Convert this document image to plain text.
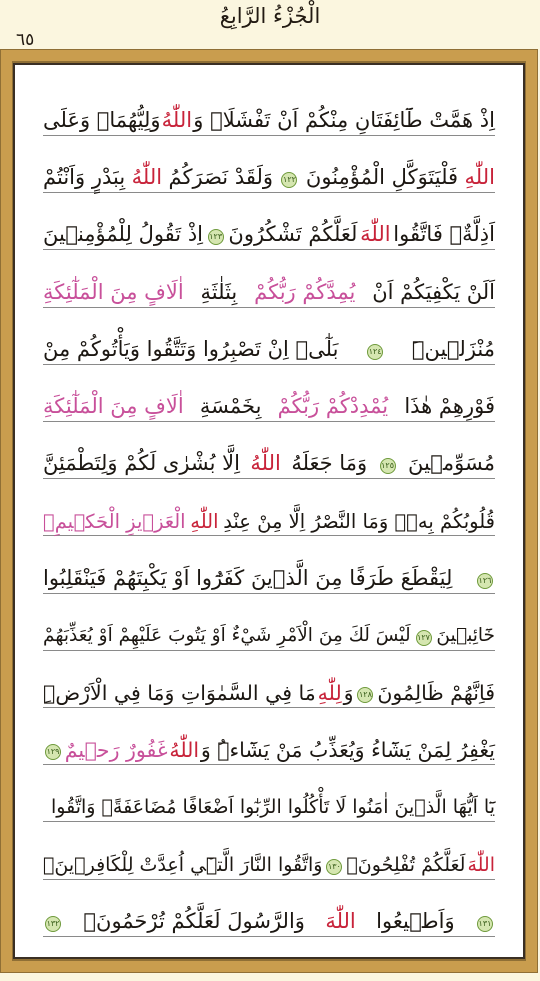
الْجُزْءُ الرَّابِعُ
٦٥
اِذْ هَمَّتْ طَٓائِفَتَانِ مِنْكُمْ اَنْ تَفْشَلَاۙ وَ
اللّٰهُ
وَلِيُّهُمَاۜ وَعَلَى
اللّٰهِ
فَلْيَتَوَكَّلِ الْمُؤْمِنُونَ
١٢٢
وَلَقَدْ نَصَرَكُمُ
اللّٰهُ
بِبَدْرٍ وَاَنْتُمْ
اَذِلَّةٌۚ فَاتَّقُوا
اللّٰهَ
لَعَلَّكُمْ تَشْكُرُونَ
١٢٣
اِذْ تَقُولُ لِلْمُؤْمِن۪ينَ
اَلَنْ يَكْفِيَكُمْ اَنْ
يُمِدَّكُمْ رَبُّكُمْ
بِثَلٰثَةِ
اٰلَافٍ مِنَ الْمَلٰٓئِكَةِ
مُنْزَل۪ينَۜ
١٢٤
بَلٰٓىۙ اِنْ تَصْبِرُوا وَتَتَّقُوا وَيَأْتُوكُمْ مِنْ
فَوْرِهِمْ هٰذَا
يُمْدِدْكُمْ رَبُّكُمْ
بِخَمْسَةِ
اٰلَافٍ مِنَ الْمَلٰٓئِكَةِ
مُسَوِّم۪ينَ
١٢٥
وَمَا جَعَلَهُ
اللّٰهُ
اِلَّا بُشْرٰى لَكُمْ وَلِتَطْمَئِنَّ
قُلُوبُكُمْ بِه۪ۜ وَمَا النَّصْرُ اِلَّا مِنْ عِنْدِ
اللّٰهِ
الْعَز۪يزِ الْحَك۪يمِۙ
١٢٦
لِيَقْطَعَ طَرَفًا مِنَ الَّذ۪ينَ كَفَرُٓوا اَوْ يَكْبِتَهُمْ فَيَنْقَلِبُوا
خَٓائِب۪ينَ
١٢٧
لَيْسَ لَكَ مِنَ الْاَمْرِ شَيْءٌ اَوْ يَتُوبَ عَلَيْهِمْ اَوْ يُعَذِّبَهُمْ
فَاِنَّهُمْ ظَالِمُونَ
١٢٨
وَ
لِلّٰهِ
مَا فِي السَّمٰوَاتِ وَمَا فِي الْاَرْضِۜ
يَغْفِرُ لِمَنْ يَشَٓاءُ وَيُعَذِّبُ مَنْ يَشَٓاءُۜ وَ
اللّٰهُ
غَفُورٌ رَح۪يمٌ
١٢٩
يَٓا اَيُّهَا الَّذ۪ينَ اٰمَنُوا لَا تَأْكُلُوا الرِّبٰٓوا اَضْعَافًا مُضَاعَفَةًۖ وَاتَّقُوا
اللّٰهَ
لَعَلَّكُمْ تُفْلِحُونَۚ
١٣٠
وَاتَّقُوا النَّارَ الَّت۪ٓي اُعِدَّتْ لِلْكَافِر۪ينَۚ
١٣١
وَاَط۪يعُوا
اللّٰهَ
وَالرَّسُولَ لَعَلَّكُمْ تُرْحَمُونَۚ
١٣٢
